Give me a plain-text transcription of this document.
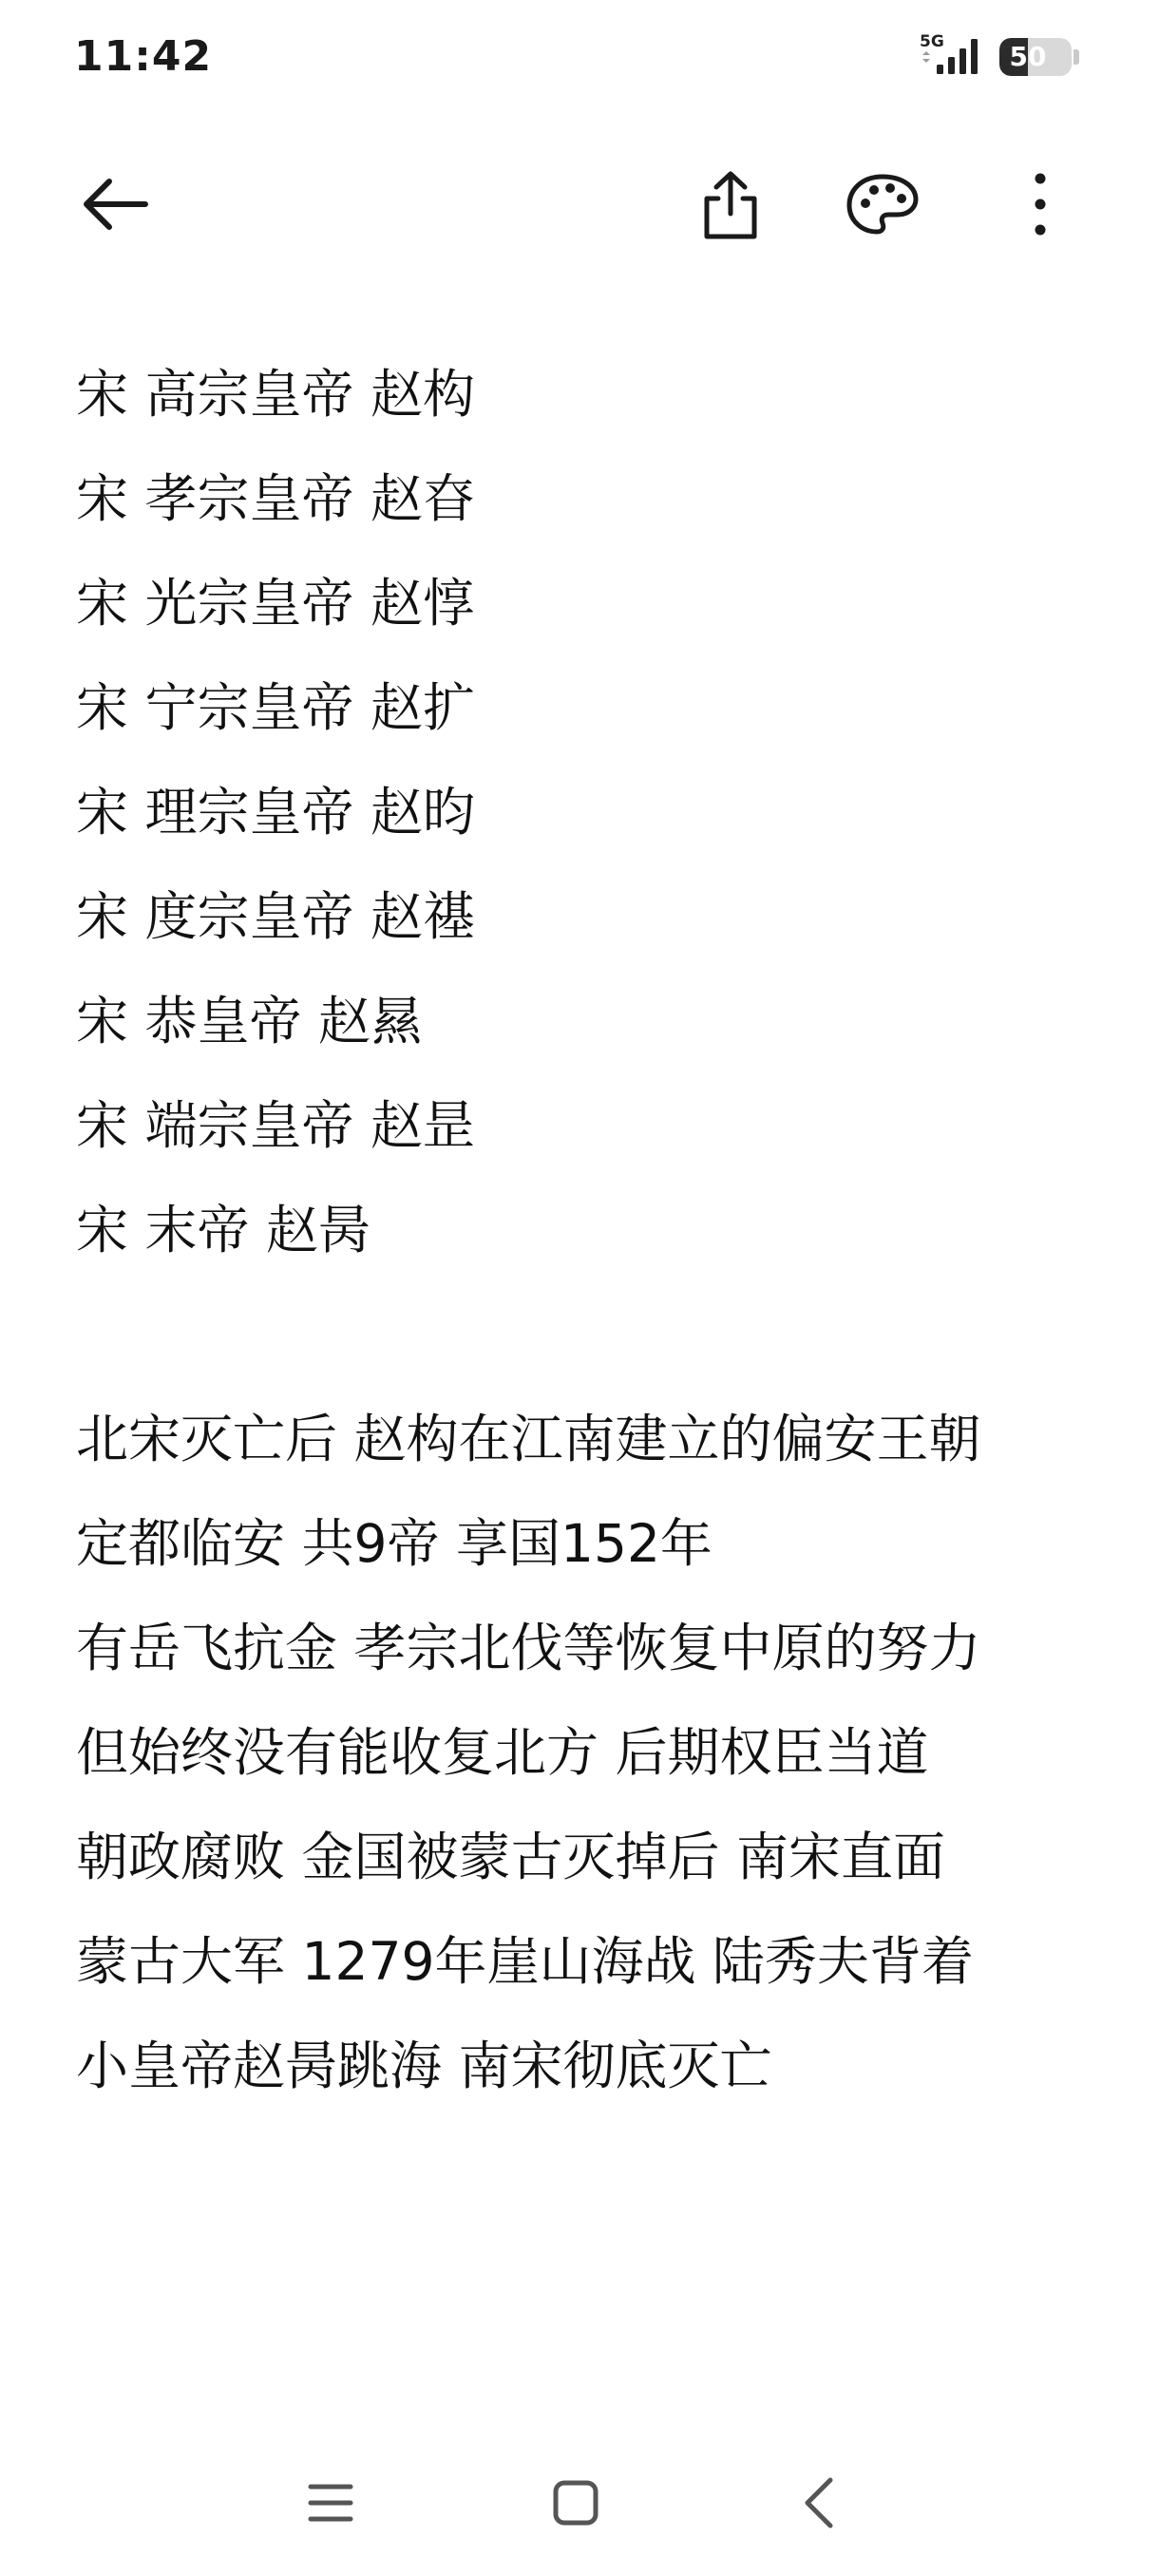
11:42	5G	50
宋 高宗皇帝 赵构
宋 孝宗皇帝 赵昚
宋 光宗皇帝 赵惇
宋 宁宗皇帝 赵扩
宋 理宗皇帝 赵昀
宋 度宗皇帝 赵禥
宋 恭皇帝 赵㬎
宋 端宗皇帝 赵昰
宋 末帝 赵昺
北宋灭亡后 赵构在江南建立的偏安王朝
定都临安 共9帝 享国152年
有岳飞抗金 孝宗北伐等恢复中原的努力
但始终没有能收复北方 后期权臣当道
朝政腐败 金国被蒙古灭掉后 南宋直面
蒙古大军 1279年崖山海战 陆秀夫背着
小皇帝赵昺跳海 南宋彻底灭亡
